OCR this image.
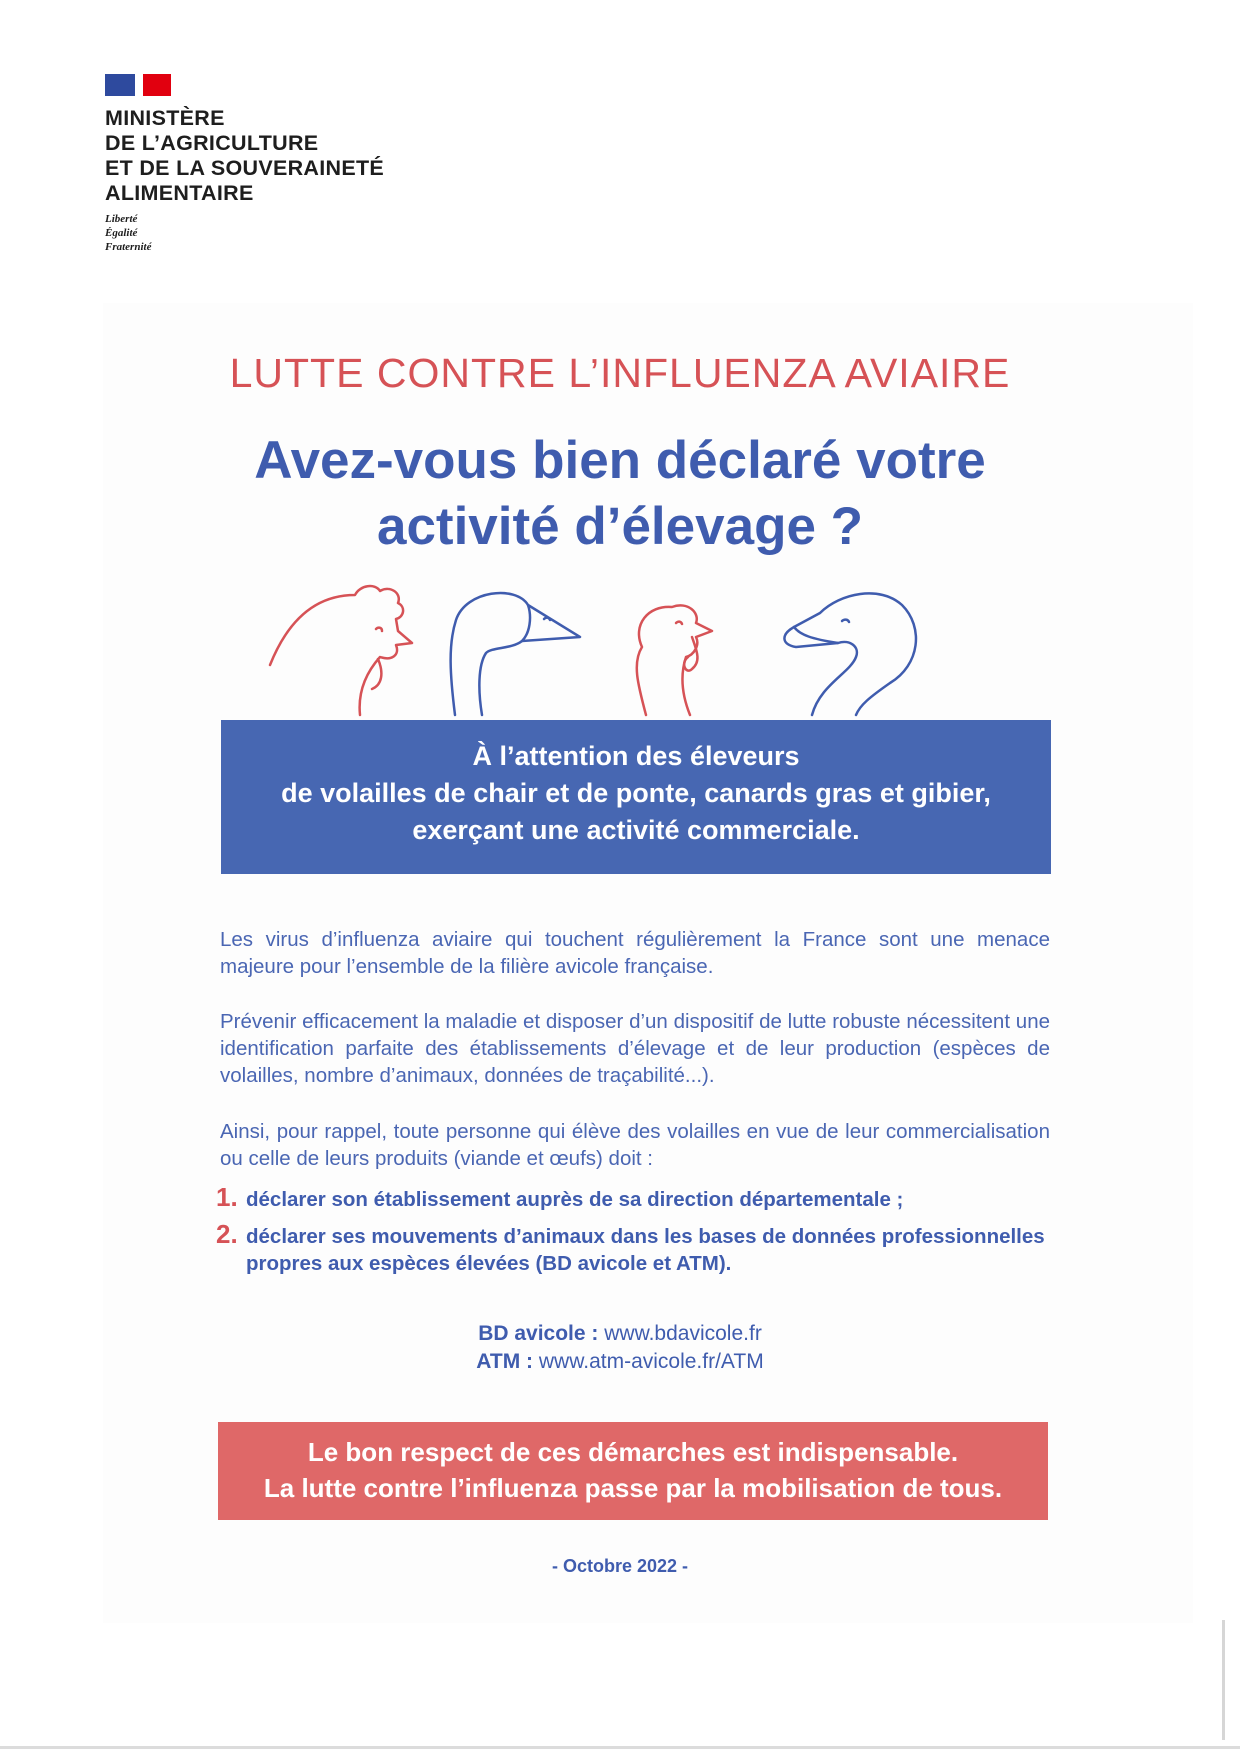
MINISTÈRE
DE L’AGRICULTURE
ET DE LA SOUVERAINETÉ
ALIMENTAIRE
Liberté
Égalité
Fraternité
LUTTE CONTRE L’INFLUENZA AVIAIRE
Avez-vous bien déclaré votre
activité d’élevage ?
À l’attention des éleveurs
de volailles de chair et de ponte, canards gras et gibier,
exerçant une activité commerciale.
Les virus d’influenza aviaire qui touchent régulièrement la France sont une menace majeure pour l’ensemble de la filière avicole française.
Prévenir efficacement la maladie et disposer d’un dispositif de lutte robuste nécessitent une identification parfaite des établissements d’élevage et de leur production (espèces de volailles, nombre d’animaux, données de traçabilité...).
Ainsi, pour rappel, toute personne qui élève des volailles en vue de leur commercialisation ou celle de leurs produits (viande et œufs) doit :
1. déclarer son établissement auprès de sa direction départementale ;
2. déclarer ses mouvements d’animaux dans les bases de données professionnelles propres aux espèces élevées (BD avicole et ATM).
BD avicole : www.bdavicole.fr
ATM : www.atm-avicole.fr/ATM
Le bon respect de ces démarches est indispensable.
La lutte contre l’influenza passe par la mobilisation de tous.
- Octobre 2022 -
